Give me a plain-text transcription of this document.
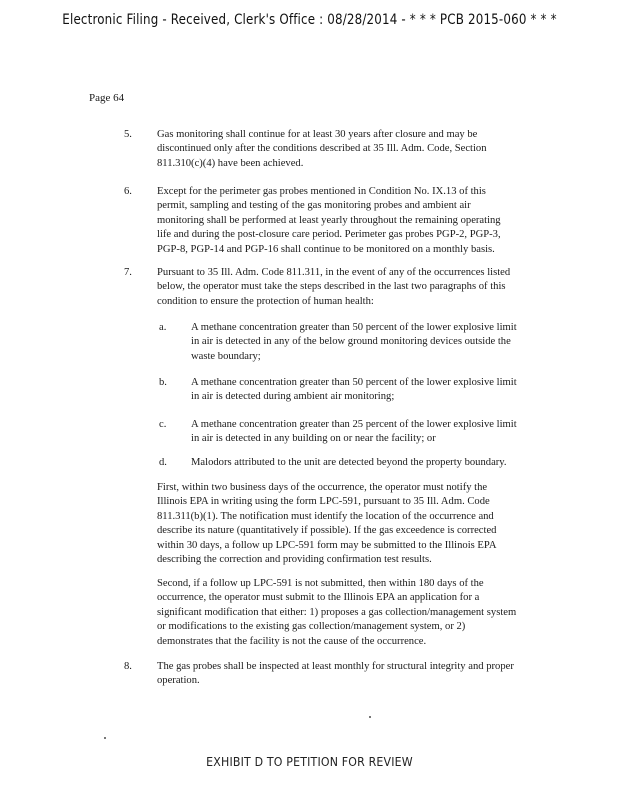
Electronic Filing - Received, Clerk's Office : 08/28/2014 - * * * PCB 2015-060 * * *
Page 64
5. Gas monitoring shall continue for at least 30 years after closure and may be discontinued only after the conditions described at 35 Ill. Adm. Code, Section 811.310(c)(4) have been achieved.

6. Except for the perimeter gas probes mentioned in Condition No. IX.13 of this permit, sampling and testing of the gas monitoring probes and ambient air monitoring shall be performed at least yearly throughout the remaining operating life and during the post-closure care period. Perimeter gas probes PGP-2, PGP-3, PGP-8, PGP-14 and PGP-16 shall continue to be monitored on a monthly basis.

7. Pursuant to 35 Ill. Adm. Code 811.311, in the event of any of the occurrences listed below, the operator must take the steps described in the last two paragraphs of this condition to ensure the protection of human health:

a. A methane concentration greater than 50 percent of the lower explosive limit in air is detected in any of the below ground monitoring devices outside the waste boundary;

b. A methane concentration greater than 50 percent of the lower explosive limit in air is detected during ambient air monitoring;

c. A methane concentration greater than 25 percent of the lower explosive limit in air is detected in any building on or near the facility; or

d. Malodors attributed to the unit are detected beyond the property boundary.

First, within two business days of the occurrence, the operator must notify the Illinois EPA in writing using the form LPC-591, pursuant to 35 Ill. Adm. Code 811.311(b)(1). The notification must identify the location of the occurrence and describe its nature (quantitatively if possible). If the gas exceedence is corrected within 30 days, a follow up LPC-591 form may be submitted to the Illinois EPA describing the correction and providing confirmation test results.

Second, if a follow up LPC-591 is not submitted, then within 180 days of the occurrence, the operator must submit to the Illinois EPA an application for a significant modification that either: 1) proposes a gas collection/management system or modifications to the existing gas collection/management system, or 2) demonstrates that the facility is not the cause of the occurrence.

8. The gas probes shall be inspected at least monthly for structural integrity and proper operation.

EXHIBIT D TO PETITION FOR REVIEW
